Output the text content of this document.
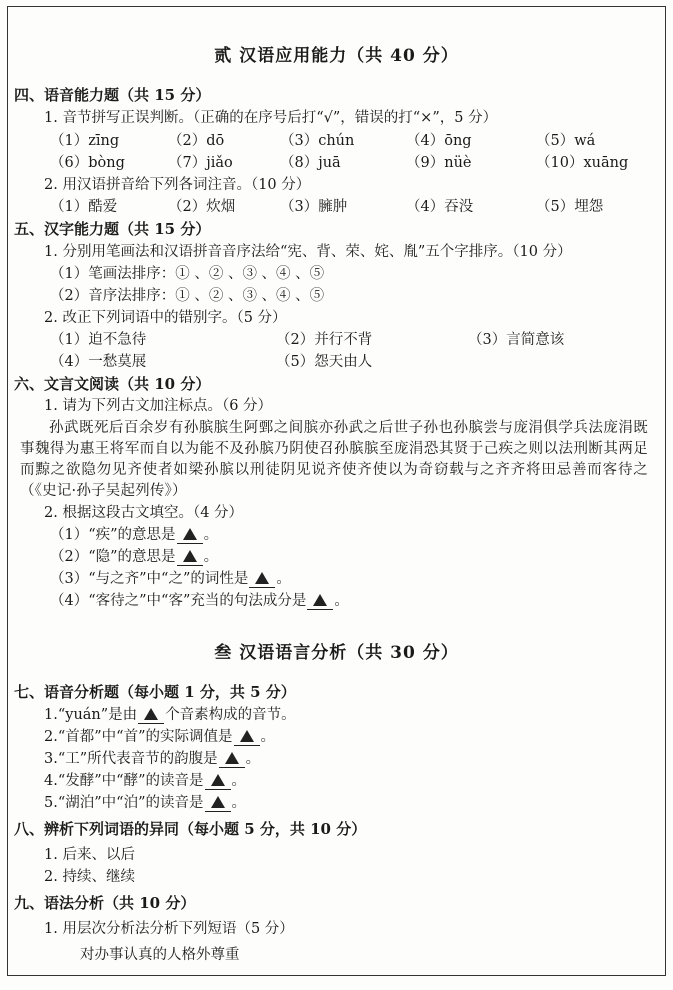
贰 汉语应用能力（共 40 分）
四、语音能力题（共 15 分）
1. 音节拼写正误判断。（正确的在序号后打“√”，错误的打“×”，5 分）
（1）zīng	（2）dō	（3）chún	（4）ōng	（5）wá
（6）bòng	（7）jiǎo	（8）juā	（9）nüè	（10）xuāng
2. 用汉语拼音给下列各词注音。（10 分）
（1）酷爱	（2）炊烟	（3）臃肿	（4）吞没	（5）埋怨
五、汉字能力题（共 15 分）
1. 分别用笔画法和汉语拼音音序法给“宪、背、荣、姹、胤”五个字排序。（10 分）
（1）笔画法排序：① 、② 、③ 、④ 、⑤
（2）音序法排序：① 、② 、③ 、④ 、⑤
2. 改正下列词语中的错别字。（5 分）
（1）迫不急待	（2）并行不背	（3）言简意该
（4）一愁莫展	（5）怨天由人
六、文言文阅读（共 10 分）
1. 请为下列古文加注标点。（6 分）
孙武既死后百余岁有孙膑膑生阿鄄之间膑亦孙武之后世子孙也孙膑尝与庞涓俱学兵法庞涓既事魏得为惠王将军而自以为能不及孙膑乃阴使召孙膑膑至庞涓恐其贤于己疾之则以法刑断其两足而黥之欲隐勿见齐使者如梁孙膑以刑徒阴见说齐使齐使以为奇窃载与之齐齐将田忌善而客待之（《史记·孙子吴起列传》）
2. 根据这段古文填空。（4 分）
（1）“疾”的意思是 。
（2）“隐”的意思是 。
（3）“与之齐”中“之”的词性是 。
（4）“客待之”中“客”充当的句法成分是 。
叁 汉语语言分析（共 30 分）
七、语音分析题（每小题 1 分，共 5 分）
1.“yuán”是由 个音素构成的音节。
2.“首都”中“首”的实际调值是 。
3.“工”所代表音节的韵腹是 。
4.“发酵”中“酵”的读音是 。
5.“湖泊”中“泊”的读音是 。
八、辨析下列词语的异同（每小题 5 分，共 10 分）
1. 后来、以后
2. 持续、继续
九、语法分析（共 10 分）
1. 用层次分析法分析下列短语（5 分）
对办事认真的人格外尊重
